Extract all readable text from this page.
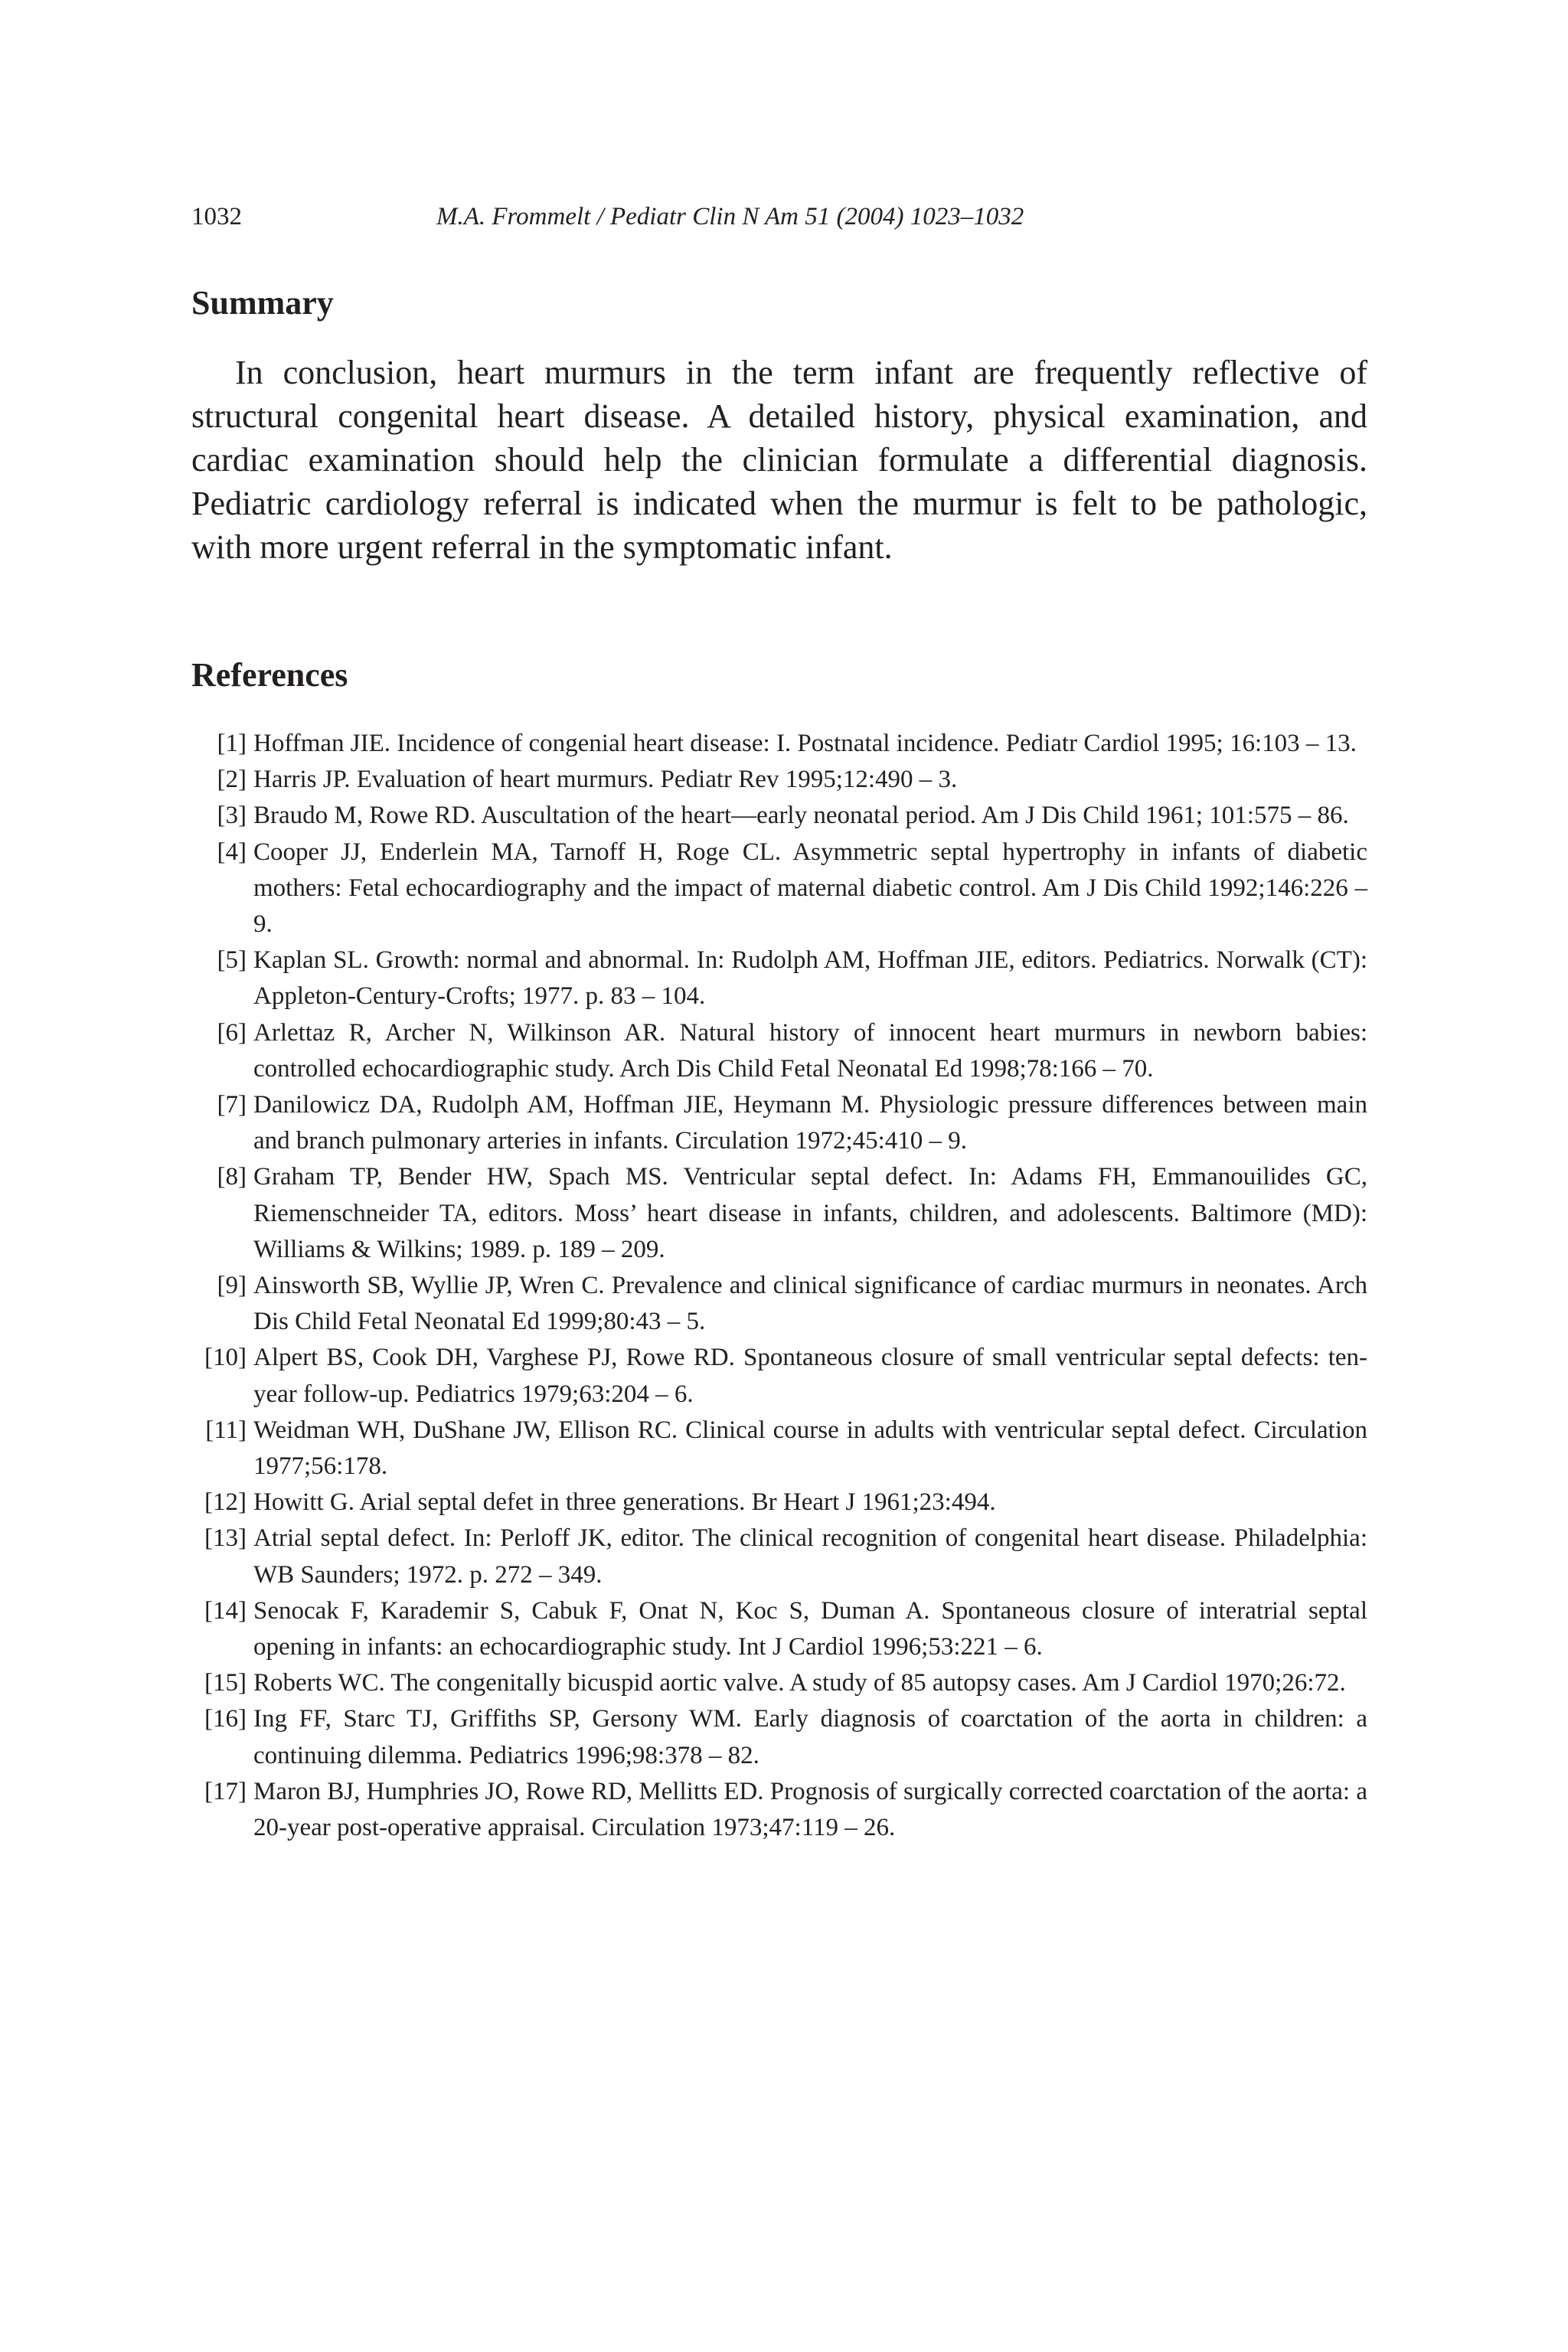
1032	M.A. Frommelt / Pediatr Clin N Am 51 (2004) 1023–1032
Summary

In conclusion, heart murmurs in the term infant are frequently reflective of structural congenital heart disease. A detailed history, physical examination, and cardiac examination should help the clinician formulate a differential diagnosis. Pediatric cardiology referral is indicated when the murmur is felt to be pathologic, with more urgent referral in the symptomatic infant.

References
[1] Hoffman JIE. Incidence of congenial heart disease: I. Postnatal incidence. Pediatr Cardiol 1995; 16:103 – 13.
[2] Harris JP. Evaluation of heart murmurs. Pediatr Rev 1995;12:490 – 3.
[3] Braudo M, Rowe RD. Auscultation of the heart—early neonatal period. Am J Dis Child 1961; 101:575 – 86.
[4] Cooper JJ, Enderlein MA, Tarnoff H, Roge CL. Asymmetric septal hypertrophy in infants of diabetic mothers: Fetal echocardiography and the impact of maternal diabetic control. Am J Dis Child 1992;146:226 – 9.
[5] Kaplan SL. Growth: normal and abnormal. In: Rudolph AM, Hoffman JIE, editors. Pediatrics. Norwalk (CT): Appleton-Century-Crofts; 1977. p. 83 – 104.
[6] Arlettaz R, Archer N, Wilkinson AR. Natural history of innocent heart murmurs in newborn babies: controlled echocardiographic study. Arch Dis Child Fetal Neonatal Ed 1998;78:166 – 70.
[7] Danilowicz DA, Rudolph AM, Hoffman JIE, Heymann M. Physiologic pressure differences between main and branch pulmonary arteries in infants. Circulation 1972;45:410 – 9.
[8] Graham TP, Bender HW, Spach MS. Ventricular septal defect. In: Adams FH, Emmanouilides GC, Riemenschneider TA, editors. Moss’ heart disease in infants, children, and adolescents. Baltimore (MD): Williams & Wilkins; 1989. p. 189 – 209.
[9] Ainsworth SB, Wyllie JP, Wren C. Prevalence and clinical significance of cardiac murmurs in neonates. Arch Dis Child Fetal Neonatal Ed 1999;80:43 – 5.
[10] Alpert BS, Cook DH, Varghese PJ, Rowe RD. Spontaneous closure of small ventricular septal defects: ten-year follow-up. Pediatrics 1979;63:204 – 6.
[11] Weidman WH, DuShane JW, Ellison RC. Clinical course in adults with ventricular septal defect. Circulation 1977;56:178.
[12] Howitt G. Arial septal defet in three generations. Br Heart J 1961;23:494.
[13] Atrial septal defect. In: Perloff JK, editor. The clinical recognition of congenital heart disease. Philadelphia: WB Saunders; 1972. p. 272 – 349.
[14] Senocak F, Karademir S, Cabuk F, Onat N, Koc S, Duman A. Spontaneous closure of interatrial septal opening in infants: an echocardiographic study. Int J Cardiol 1996;53:221 – 6.
[15] Roberts WC. The congenitally bicuspid aortic valve. A study of 85 autopsy cases. Am J Cardiol 1970;26:72.
[16] Ing FF, Starc TJ, Griffiths SP, Gersony WM. Early diagnosis of coarctation of the aorta in children: a continuing dilemma. Pediatrics 1996;98:378 – 82.
[17] Maron BJ, Humphries JO, Rowe RD, Mellitts ED. Prognosis of surgically corrected coarctation of the aorta: a 20-year post-operative appraisal. Circulation 1973;47:119 – 26.
